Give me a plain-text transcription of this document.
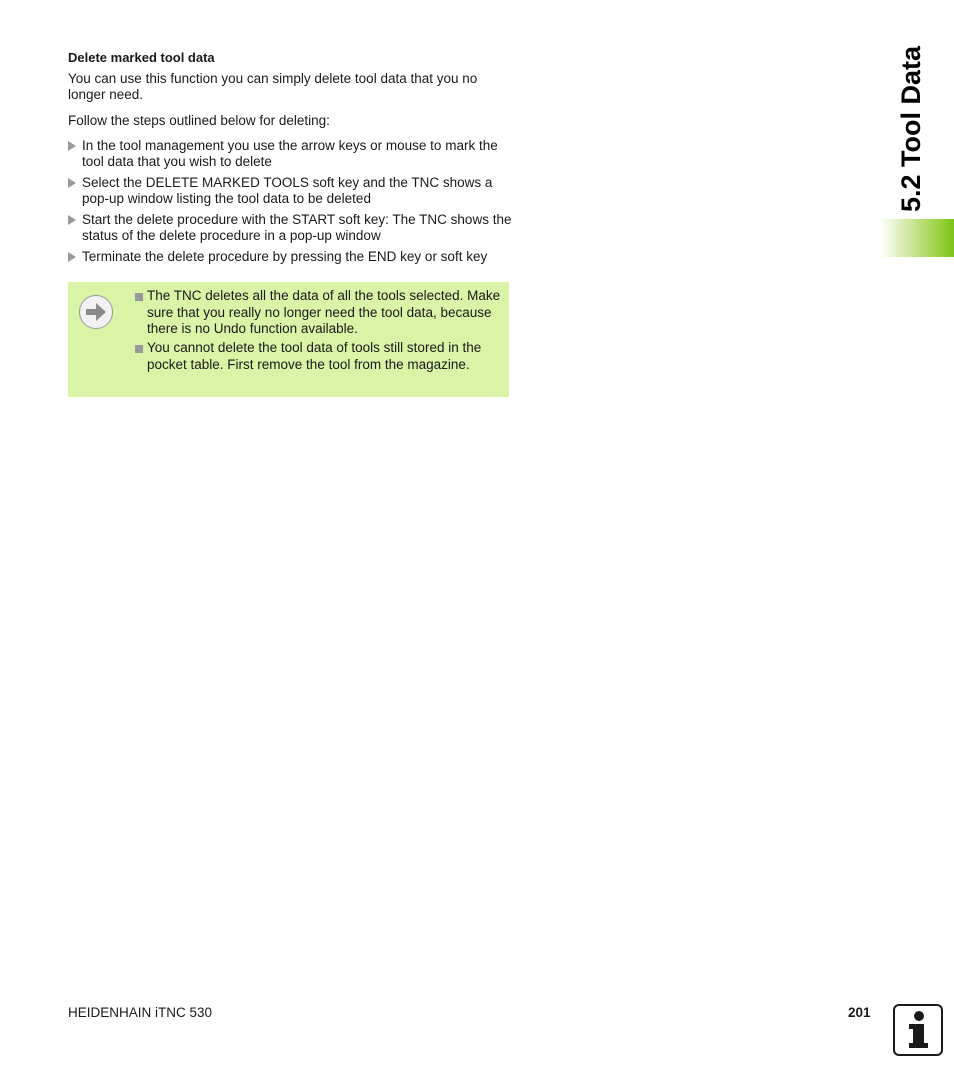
5.2 Tool Data
Delete marked tool data
You can use this function you can simply delete tool data that you no longer need.
Follow the steps outlined below for deleting:
In the tool management you use the arrow keys or mouse to mark the tool data that you wish to delete
Select the DELETE MARKED TOOLS soft key and the TNC shows a pop-up window listing the tool data to be deleted
Start the delete procedure with the START soft key: The TNC shows the status of the delete procedure in a pop-up window
Terminate the delete procedure by pressing the END key or soft key
The TNC deletes all the data of all the tools selected. Make sure that you really no longer need the tool data, because there is no Undo function available.
You cannot delete the tool data of tools still stored in the pocket table. First remove the tool from the magazine.
HEIDENHAIN iTNC 530	201
